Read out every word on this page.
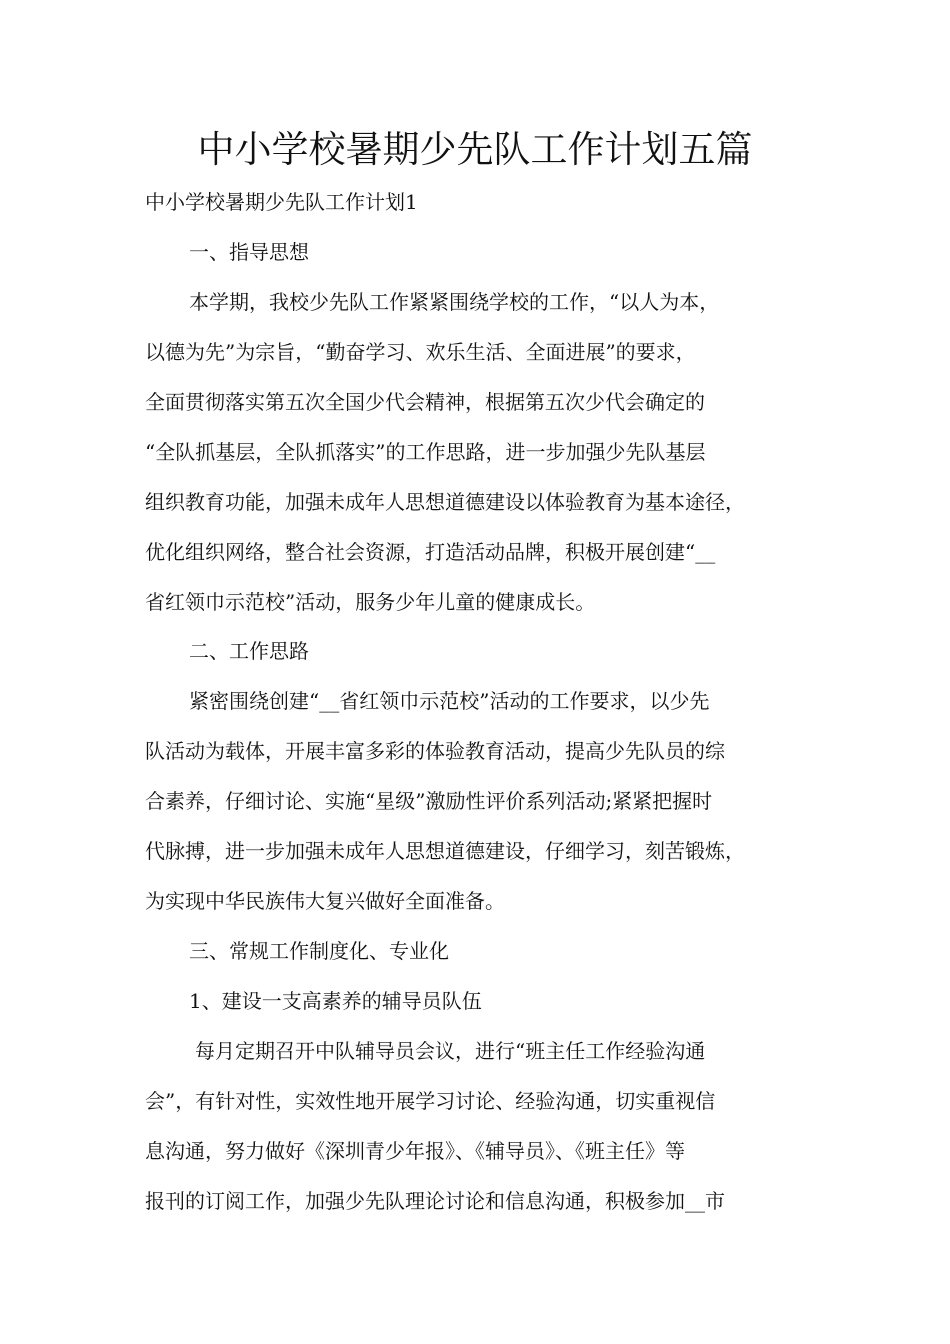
中小学校暑期少先队工作计划五篇

中小学校暑期少先队工作计划1

一、指导思想

本学期，我校少先队工作紧紧围绕学校的工作，“以人为本，

以德为先”为宗旨，“勤奋学习、欢乐生活、全面进展”的要求，

全面贯彻落实第五次全国少代会精神，根据第五次少代会确定的

“全队抓基层，全队抓落实”的工作思路，进一步加强少先队基层

组织教育功能，加强未成年人思想道德建设以体验教育为基本途径，

优化组织网络，整合社会资源，打造活动品牌，积极开展创建“__

省红领巾示范校”活动，服务少年儿童的健康成长。

二、工作思路

紧密围绕创建“__省红领巾示范校”活动的工作要求，以少先

队活动为载体，开展丰富多彩的体验教育活动，提高少先队员的综

合素养，仔细讨论、实施“星级”激励性评价系列活动;紧紧把握时

代脉搏，进一步加强未成年人思想道德建设，仔细学习，刻苦锻炼，

为实现中华民族伟大复兴做好全面准备。

三、常规工作制度化、专业化

1、建设一支高素养的辅导员队伍

每月定期召开中队辅导员会议，进行“班主任工作经验沟通

会”，有针对性，实效性地开展学习讨论、经验沟通，切实重视信

息沟通，努力做好《深圳青少年报》、《辅导员》、《班主任》等

报刊的订阅工作，加强少先队理论讨论和信息沟通，积极参加__市
